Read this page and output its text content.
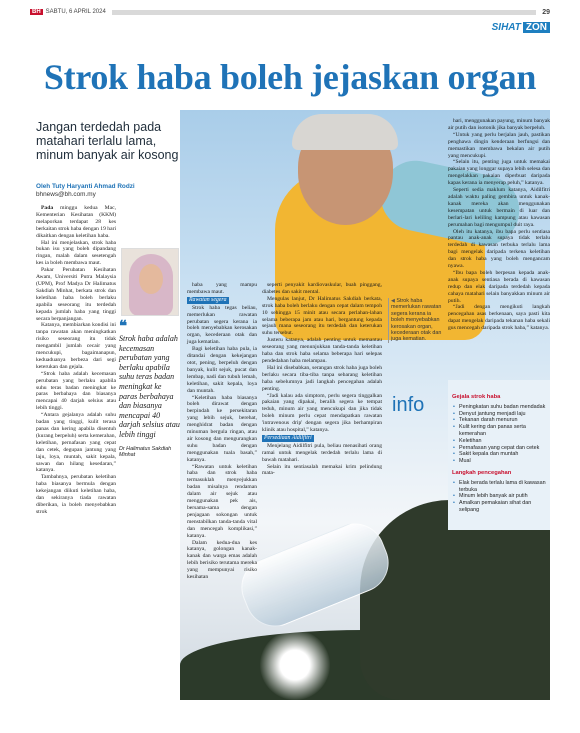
BH SABTU, 6 APRIL 2024	29
SIHAT ZON
Strok haba boleh jejaskan organ
Jangan terdedah pada matahari terlalu lama, minum banyak air kosong
Oleh Tuty Haryanti Ahmad Rodzi
bhnews@bh.com.my

Pada minggu kedua Mac, Kementerian Kesihatan (KKM) melaporkan terdapat 28 kes berkaitan strok haba dengan 19 hari dikaitkan dengan keletihan haba.

Hal ini menjelaskan, strok haba bukan isu yang boleh dipandang ringan, malah dalam sesetengah kes ia boleh membawa maut.

Pakar Perubatan Kesihatan Awam, Universiti Putra Malaysia (UPM), Prof Madya Dr Halimatus Sakdiah Minhat, berkata strok dan keletihan haba boleh berlaku apabila seseorang itu terdedah kepada jumlah haba yang tinggi secara berpanjangan.

Katanya, membiarkan kondisi ini tanpa rawatan akan meningkatkan risiko seseorang itu tidak mengambil jumlah cecair yang mencukupi, bagaimanapun, keduaduanya berbeza dari segi keterukan dan gejala.

“Strok haba adalah kecemasan perubatan yang berlaku apabila suhu teras badan meningkat ke paras berbahaya dan biasanya mencapai 40 darjah selsius atau lebih tinggi.

“Antara gejalanya adalah suhu badan yang tinggi, kulit terasa panas dan kering apabila disentuh (kurang berpeluh) serta kemerahan, keletihan, pernafasan yang cepat dan cetek, degupan jantung yang laju, loya, muntah, sakit kepala, sawan dan hilang kesedaran,” katanya.

Tambahnya, perubatan keletihan haba biasanya bermula dengan kekejangan diikuti keletihan haba, dan sekiranya tiada rawatan diberikan, ia boleh menyebabkan strok

❝
Strok haba adalah kecemasan perubatan yang berlaku apabila suhu teras badan meningkat ke paras berbahaya dan biasanya mencapai 40 darjah selsius atau lebih tinggi
Dr Halimatus Sakdiah Minhat

haba yang mampu membawa maut.

Rawatan segera

Strok haba tegas beliau, memerlukan rawatan perubatan segera kerana ia boleh menyebabkan kerosakan organ, kecederaan otak dan juga kematian.

Bagi keletihan haba pula, ia ditandai dengan kekejangan otot, pening, berpeluh dengan banyak, kulit sejuk, pucat dan lembap, nadi dan tubuh lemah, keletihan, sakit kepala, loya dan muntah.

“Keletihan haba biasanya boleh dirawat dengan berpindah ke persekitaran yang lebih sejuk, berehat, menghidrat badan dengan minuman bergula ringan, atau air kosong dan mengurangkan suhu badan dengan menggunakan tuala basah,” katanya.

“Rawatan untuk keletihan haba dan strok haba termasuklah menyejukkan badan misalnya rendaman dalam air sejuk atau menggunakan pek ais, bersama-sama dengan penjagaan sokongan untuk menstabilkan tanda-tanda vital dan mencegah komplikasi,” katanya.

Dalam kedua-dua kes katanya, golongan kanak-kanak dan warga emas adalah lebih berisiko terutama mereka yang mempunyai risiko kesihatan

seperti penyakit kardiovaskular, buah pinggang, diabetes dan sakit mental.

Mengulas lanjut, Dr Halimatus Sakdiah berkata, strok haba boleh berlaku dengan cepat dalam tempoh 10 sehingga 15 minit atau secara perlahan-lahan selama beberapa jam atau hari, bergantung kepada sejauh mana seseorang itu terdedah dan keterukan suhu tersebut.

Justeru katanya, adalah penting untuk memantau seseorang yang menunjukkan tanda-tanda keletihan haba dan strok haba selama beberapa hari selepas pendedahan haba melampau.

Hal ini disebabkan, serangan strok haba juga boleh berlaku secara tiba-tiba tanpa sebarang keletihan haba sebelumnya jadi langkah pencegahan adalah penting.

“Jadi kalau ada simptom, perlu segera tinggalkan pakaian yang dipakai, beralih segera ke tempat teduh, minum air yang mencukupi dan jika tidak boleh minum perlu cepat mendapatkan rawatan 'intravenous drip' dengan segera jika berhampiran klinik atau hospital,” katanya.

Persediaan Aidilfitri

Menjelang Aidilfitri pula, beliau menasihati orang ramai untuk mengelak terdedah terlalu lama di bawah matahari.

Selain itu sentiasalah memakai krim pelindung mata-

hari, menggunakan payung, minum banyak air putih dan isotonik jika banyak berpeluh.

“Untuk yang perlu berjalan jauh, pastikan penghawa dingin kenderaan berfungsi dan memastikan membawa bekalan air putih yang mencukupi.

“Selain itu, penting juga untuk memakai pakaian yang longgar supaya lebih selesa dan mengelakkan pakaian diperbuat daripada kapas kerana ia menyerap peluh,” katanya.

Seperti sedia maklum katanya, Aidilfitri adalah waktu paling gembira untuk kanak-kanak mereka akan menggunakan kesempatan untuk bermain di luar dan berlari-lari keliling kampung atau kawasan perumahan bagi mengumpul duit raya.

Oleh itu katanya, ibu bapa perlu sentiasa pantau anak-anak supaya tidak terlalu terdedah di kawasan terbuka terlalu lama bagi mengelak daripada terkena keletihan dan strok haba yang boleh mengancam nyawa.

“Ibu bapa boleh berpesan kepada anak-anak supaya sentiasa berada di kawasan redup dan elak daripada terdedah kepada cahaya matahari selain banyakkan minum air putih.

“Jadi dengan mengikuti langkah pencegahan asas berkenaan, saya pasti kita dapat mengelak daripada tekanan haba sekali gus mencegah daripada strok haba,” katanya.

◀ Strok haba memerlukan rawatan segera kerana ia boleh menyebabkan kerosakan organ, kecederaan otak dan juga kematian.
info	Gejala strok haba
• Peningkatan suhu badan mendadak
• Denyut jantung menjadi laju
• Tekanan darah menurun
• Kulit kering dan panas serta kemerahan
• Keletihan
• Pernafasan yang cepat dan cetek
• Sakit kepala dan muntah
• Mual
Langkah pencegahan
• Elak berada terlalu lama di kawasan terbuka
• Minum lebih banyak air putih
• Amalkan pemakaian sihat dan selipang
